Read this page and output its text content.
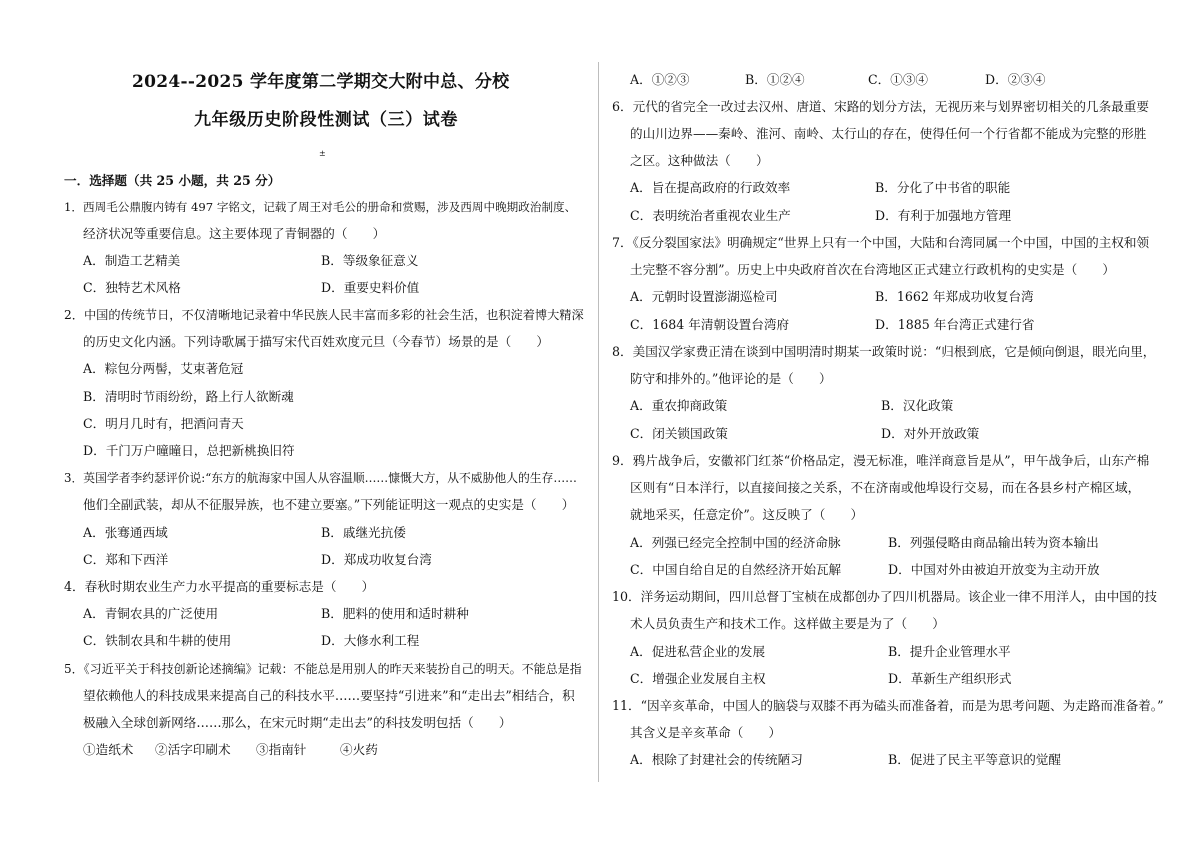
2024--2025 学年度第二学期交大附中总、分校
九年级历史阶段性测试（三）试卷
±
一．选择题（共 25 小题，共 25 分）
1．西周毛公鼎腹内铸有 497 字铭文，记载了周王对毛公的册命和赏赐，涉及西周中晚期政治制度、
经济状况等重要信息。这主要体现了青铜器的（　　）
A．制造工艺精美	B．等级象征意义
C．独特艺术风格	D．重要史料价值
2．中国的传统节日，不仅清晰地记录着中华民族人民丰富而多彩的社会生活，也积淀着博大精深
的历史文化内涵。下列诗歌属于描写宋代百姓欢度元旦（今春节）场景的是（　　）
A．粽包分两髻，艾束著危冠
B．清明时节雨纷纷，路上行人欲断魂
C．明月几时有，把酒问青天
D．千门万户曈曈日，总把新桃换旧符
3．英国学者李约瑟评价说:“东方的航海家中国人从容温顺……慷慨大方，从不威胁他人的生存……
他们全副武装，却从不征服异族，也不建立要塞。”下列能证明这一观点的史实是（　　）
A．张骞通西域	B．戚继光抗倭
C．郑和下西洋	D．郑成功收复台湾
4．春秋时期农业生产力水平提高的重要标志是（　　）
A．青铜农具的广泛使用	B．肥料的使用和适时耕种
C．铁制农具和牛耕的使用	D．大修水利工程
5．《习近平关于科技创新论述摘编》记载：不能总是用别人的昨天来装扮自己的明天。不能总是指
望依赖他人的科技成果来提高自己的科技水平……要坚持“引进来”和“走出去”相结合，积
极融入全球创新网络……那么，在宋元时期“走出去”的科技发明包括（　　）
①造纸术 ②活字印刷术 ③指南针	④火药
A．①②③	B．①②④	C．①③④	D．②③④
6．元代的省完全一改过去汉州、唐道、宋路的划分方法，无视历来与划界密切相关的几条最重要
的山川边界——秦岭、淮河、南岭、太行山的存在，使得任何一个行省都不能成为完整的形胜
之区。这种做法（　　）
A．旨在提高政府的行政效率	B．分化了中书省的职能
C．表明统治者重视农业生产	D．有利于加强地方管理
7．《反分裂国家法》明确规定“世界上只有一个中国，大陆和台湾同属一个中国，中国的主权和领
土完整不容分割”。历史上中央政府首次在台湾地区正式建立行政机构的史实是（　　）
A．元朝时设置澎湖巡检司	B．1662 年郑成功收复台湾
C．1684 年清朝设置台湾府	D．1885 年台湾正式建行省
8．美国汉学家费正清在谈到中国明清时期某一政策时说：“归根到底，它是倾向倒退，眼光向里，
防守和排外的。”他评论的是（　　）
A．重农抑商政策	B．汉化政策
C．闭关锁国政策	D．对外开放政策
9．鸦片战争后，安徽祁门红茶“价格品定，漫无标准，唯洋商意旨是从”，甲午战争后，山东产棉
区则有“日本洋行，以直接间接之关系，不在济南或他埠设行交易，而在各县乡村产棉区域，
就地采买，任意定价”。这反映了（　　）
A．列强已经完全控制中国的经济命脉	B．列强侵略由商品输出转为资本输出
C．中国自给自足的自然经济开始瓦解	D．中国对外由被迫开放变为主动开放
10．洋务运动期间，四川总督丁宝桢在成都创办了四川机器局。该企业一律不用洋人，由中国的技
术人员负责生产和技术工作。这样做主要是为了（　　）
A．促进私营企业的发展	B．提升企业管理水平
C．增强企业发展自主权	D．革新生产组织形式
11．“因辛亥革命，中国人的脑袋与双膝不再为磕头而准备着，而是为思考问题、为走路而准备着。”
其含义是辛亥革命（　　）
A．根除了封建社会的传统陋习	B．促进了民主平等意识的觉醒
